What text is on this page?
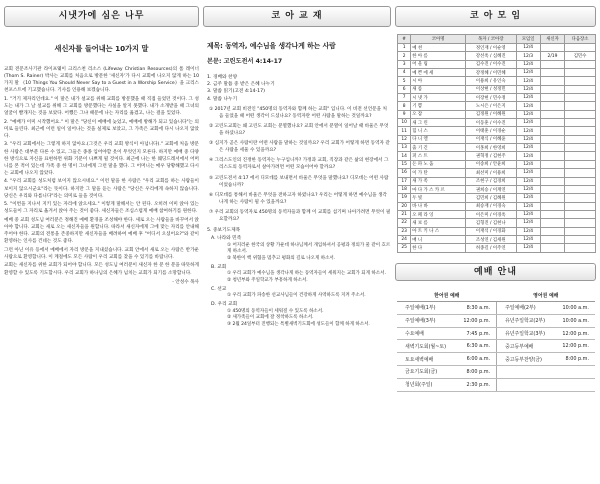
시냇가에 심은 나무
새신자를 들어내는 10가지 말

교회 전문조사기관 라이프웨이 크리스천 리소스 (Lifeway Christian Resources)의 톰 레이너(Thom S. Rainer) 박사는 교회를 처음으로 방문한 '새신자'가 다시 교회에 나오지 않게 하는 10가지 말 《10 Things You Should Never Say to a Guest in a Worship Service》을 크리스천포스트에 기고했습니다. 기사를 인용해 보겠습니다.

1. "거기 제자리인데요." 이 말은 내가 설교를 위해 교회를 방문했을 때 직접 들었던 것이다. 그 성도는 내가 그 날 설교를 위해 그 교회를 방문했다는 사실을 알지 못했다. 내가 소개받을 때 그녀의 얼굴이 빨개지는 것을 보았다. 어쨌든 그냐 때문에 나는 자리를 옮겼고, 나는 걸을 잊었다.

2. "예배가 이미 시작했어요." 이 말은 "당신이 예배에 늦었고, 예배에 방해가 되고 있습니다"는 의미로 들린다. 최근에 이런 일이 일어나는 것을 실제로 보았고, 그 가족은 교회에 다시 나오지 않았다.

3. "우리 교회에서는 그렇게 하지 않아요.(그것은 우리 교회 방식이 아닙니다)." 교회에 처음 방문한 사람은 대부분 다른 수 있고, 그들은 종종 입어야할 옷이 무엇인지 모른다. 하지만 예배 중 다양한 방식으로 자신을 표현하면 위화 기분이 나쁘게 될 것이다. 최근에 나는 한 웨딩드레서에서 어머니를 본 적이 있는데 가족 중 한 명이 그녀에게 그런 말을 했다. 그 어머니는 매우 당황해했고 다시는 교회에 나오지 않았다.

4. "우리 교회를 성도처럼 보이지 않으시네요." 이런 말을 한 사람은 "우리 교회를 하는 사람들이 보이지 않으시군요"라는 뜻이다. 하지만 그 말을 듣는 사람은 "당신은 우리에게 속하지 않습니다. 당신은 우리와 다릅니다"라는 의미로 들을 것이다.

5. "이번을 지나서 지키 있는 자리에 앉으세요." 이렇게 말해서는 안 된다. 오히려 이미 앉아 있는 성도들이 그 자리로 옮겨서 앉아 주는 것이 좋다. 새신자들은 조심스럽게 예배 참여하기를 원한다.

예배 중 교회 성도님 여러분은 정해진 예배 환경을 조성해야 한다. 새로 오는 사람들을 바꾸어서 앉아야 합니다. 교회는 새로 오는 새신자들을 원합니다. 따라서 새신자에게 그에 맞는 자리를 안내해 주어야 한다. 교회의 전통을 존중하지만 새신자들을 배려하여 예배 후 "어디서 오셨어요?"와 같이 환영하는 인사를 건네는 것도 좋다.

그런 아닌 이유 등에서 예배에서 자리 방문을 지내셨습니다. 교회 안에서 새로 오는 사람은 반가운 사람으로 환영합니다. 이 계절에도 모든 사람이 우리 교회를 찾을 수 있기를 바랍니다.

교회는 새신자를 위한 교회가 되어야 합니다. 모든 성도님 여러분이 새신자 한 분 한 분을 따뜻하게 환영할 수 있도록 기도합시다. 우리 교회가 하나님의 은혜가 넘치는 교회가 되기를 소망합니다.

- 안성수 목사
코 아 교 재
제목: 동역자, 예수님을 생각나게 하는 사람
본문: 고린도전서 4:14-17
1. 경배와 찬양
2. 금주 말씀 중 받은 은혜 나누기
3. 말씀 읽기(고전 4:14-17)
4. 말씀 나누기
① 2017년 교회 비전인 "450명의 동역자와 함께 하는 교회" 입니다. 이 비전 선언문을 처음 들었을 때 어떤 생각이 드셨나요? 동역자란 어떤 사람을 말하는 것일까요?
② 고린도교회는 왜 고린도 교회는 분열했나요? 교회 안에서 분열이 일어날 때 바울은 무엇을 하셨나요?
③ 심지가 곧은 사람이란 어떤 사람을 말하는 것일까요? 우리 교회가 어떻게 하면 동역자 같은 사람을 세울 수 있을까요?
④ 그리스도인의 진정한 동역자는 누구입니까? 가정과 교회, 직장과 같은 삶의 현장에서 그리스도의 동역자로서 살아가려면 어떤 모습이어야 할까요?
⑤ 고린도전서 4:17 에서 디모데를 보내면서 바울은 무엇을 말했나요? 디모데는 어떤 사람이었습니까?
⑥ 디모데를 통해서 바울은 무엇을 전하고자 하였나요? 우리는 어떻게 하면 예수님을 생각나게 하는 사람이 될 수 있을까요?
⑦ 우리 교회의 동역자로 450명의 동역자들과 함께 이 교회를 섬기며 나아가려면 무엇이 필요할까요?
5. 중보기도제목
A. 나라와 민족
① 어지러운 한국의 상황 가운데 하나님께서 개입하셔서 공평과 정의가 물 같이 흐르게 하소서.
② 북한이 핵 위협을 멈추고 평화의 길로 나오게 하소서.
B. 교회
① 우리 교회가 예수님을 생각나게 하는 동역자들이 세워지는 교회가 되게 하소서.
② 청년부와 주일학교가 부흥하게 하소서.
C. 선교
① 우리 교회가 파송한 선교사님들이 건강하게 사역하도록 지켜 주소서.
D. 우리 교회
① 450명의 동역자들이 세워질 수 있도록 하소서.
② 새가족들이 교회에 잘 정착하도록 하소서.
③ 2월 24일부터 진행되는 특별새벽기도회에 성도들이 함께 하게 하소서.
코 아 모 임
#	코아명	목자 / 코아장	모임일	새신자	다음장소
1	예 천	정인재 / 이순영	12/4		
2	한 아 름	강선옥 / 심혜진	12/3	2/19	김민수
3	어 울 림	김수진 / 이수진	12/4		
4	예 쁜 에 세	강정혜 / 이민혜	12/4		
5	시 아	이용희 / 유인숙	12/4		
6	새 롬	이상현 / 성정민	12/4		
7	시 냇 가	이장현 / 민수정	12/4		
8	기 쁨	노시은 / 이은지	12/4		
9	오 잠	김정원 / 이혜원	12/4		
10	새 그 린	이동훈 / 이수진	12/4		
11	힘 니 스	이태훈 / 이경순	12/4		
12	다 니 엘	이재식 / 이혜윤	12/4		
13	출 기 긴	이홍희 / 한영희	12/4		
14	퍼 스 트	권혁정 / 김현주	12/4		
15	돈 파 노 움	이송희 / 안윤희	12/4		
16	이 가 탄	최선미 / 이용희	12/4		
17	새 가 족	조현구 / 김경희	12/4		
18	마 다 가 스 카 르	권희승 / 이계연	12/4		
19	두 빛	김민희 / 김혜원	12/4		
20	바 나 바	최승재 / 이경숙	12/4		
21	오 페 라 잉	이은미 / 이경옥	12/4		
22	새 보 름	김형진 / 김현나	12/4		
23	아 트 키 나 스	이재석 / 이경화	12/4		
24	매 니	조성연 / 김세원	12/4		
25	한 다	허종길 / 이주연	12/4		
예배 안내
한어권 예배		영어권 예배	
주일예배(1부)	8:30 a.m.	주일예배(2부)	10:00 a.m.
주일예배(3부)	12:00 p.m.	유년주일학교(2부)	10:00 a.m.
수요예배	7:45 p.m.	유년주일학교(3부)	12:00 p.m.
새벽기도회(월~토)	6:30 a.m.	중고등부예배	12:00 p.m.
토요새벽예배	6:00 a.m.	중고등부찬양(금)	8:00 p.m.
금요기도회(금)	8:00 p.m.		
청년회(주일)	2:30 p.m.		
